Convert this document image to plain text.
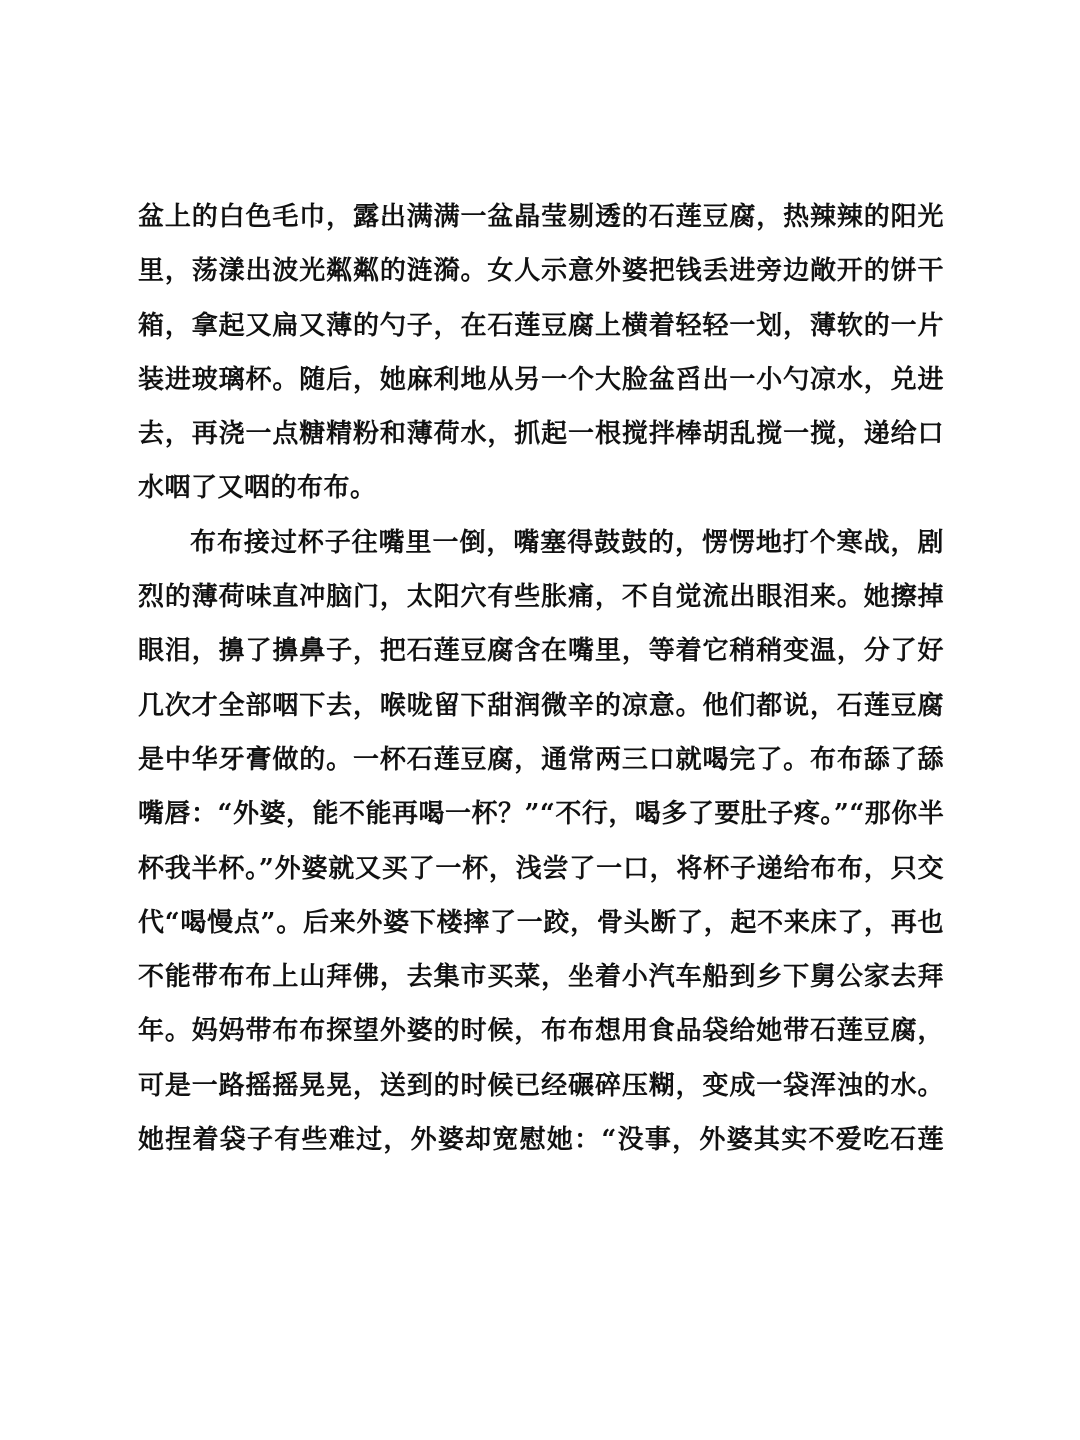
盆上的白色毛巾，露出满满一盆晶莹剔透的石莲豆腐，热辣辣的阳光
里，荡漾出波光粼粼的涟漪。女人示意外婆把钱丢进旁边敞开的饼干
箱，拿起又扁又薄的勺子，在石莲豆腐上横着轻轻一划，薄软的一片
装进玻璃杯。随后，她麻利地从另一个大脸盆舀出一小勺凉水，兑进
去，再浇一点糖精粉和薄荷水，抓起一根搅拌棒胡乱搅一搅，递给口
水咽了又咽的布布。
布布接过杯子往嘴里一倒，嘴塞得鼓鼓的，愣愣地打个寒战，剧
烈的薄荷味直冲脑门，太阳穴有些胀痛，不自觉流出眼泪来。她擦掉
眼泪，擤了擤鼻子，把石莲豆腐含在嘴里，等着它稍稍变温，分了好
几次才全部咽下去，喉咙留下甜润微辛的凉意。他们都说，石莲豆腐
是中华牙膏做的。一杯石莲豆腐，通常两三口就喝完了。布布舔了舔
嘴唇：“外婆，能不能再喝一杯？”“不行，喝多了要肚子疼。”“那你半
杯我半杯。”外婆就又买了一杯，浅尝了一口，将杯子递给布布，只交
代“喝慢点”。后来外婆下楼摔了一跤，骨头断了，起不来床了，再也
不能带布布上山拜佛，去集市买菜，坐着小汽车船到乡下舅公家去拜
年。妈妈带布布探望外婆的时候，布布想用食品袋给她带石莲豆腐，
可是一路摇摇晃晃，送到的时候已经碾碎压糊，变成一袋浑浊的水。
她捏着袋子有些难过，外婆却宽慰她：“没事，外婆其实不爱吃石莲
